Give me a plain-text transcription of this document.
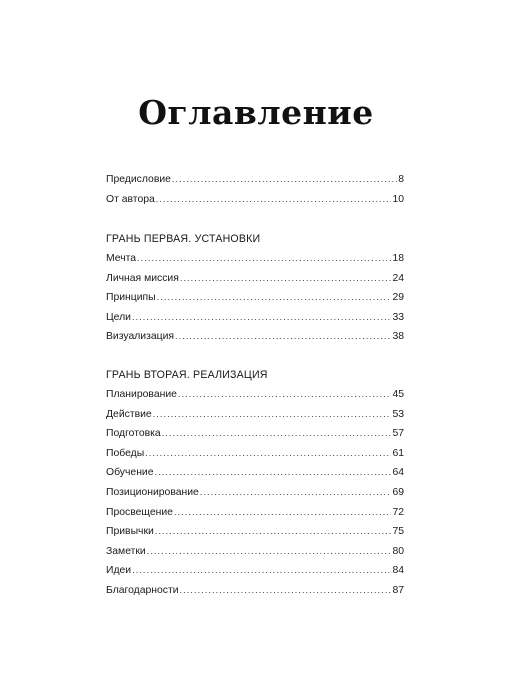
Оглавление
Предисловие . . .	8
От автора . . .	10
ГРАНЬ ПЕРВАЯ. УСТАНОВКИ
Мечта . . .	18
Личная миссия . . .	24
Принципы . . .	29
Цели . . .	33
Визуализация . . .	38
ГРАНЬ ВТОРАЯ. РЕАЛИЗАЦИЯ
Планирование . . .	45
Действие . . .	53
Подготовка . . .	57
Победы . . .	61
Обучение . . .	64
Позиционирование . . .	69
Просвещение . . .	72
Привычки . . .	75
Заметки . . .	80
Идеи . . .	84
Благодарности . . .	87
